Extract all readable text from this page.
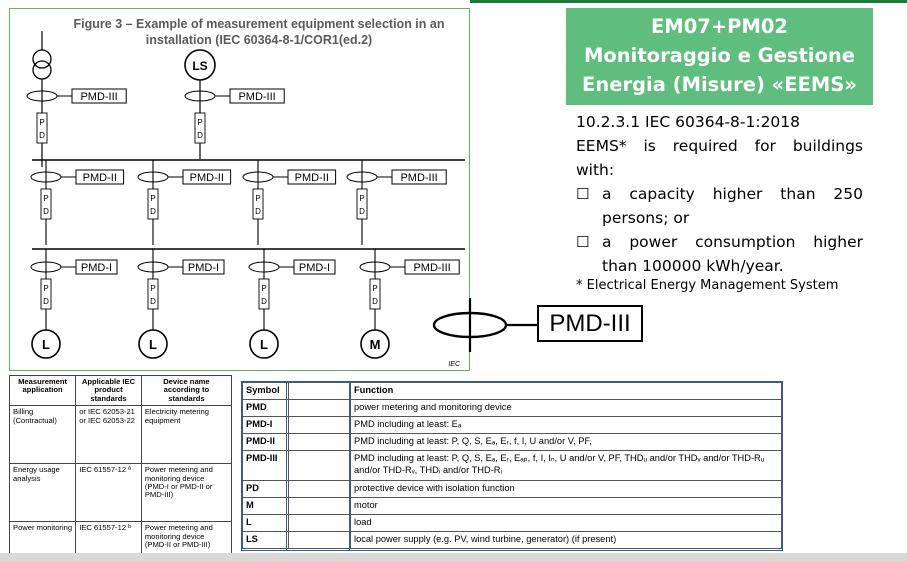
Figure 3 – Example of measurement equipment selection in an
installation (IEC 60364-8-1/COR1(ed.2)
LS
PMD-III	PMD-III
P
D
P
D
PMD-II
P
D
PMD-II
P
D
PMD-II
P
D
PMD-III
P
D
PMD-I
P
D
L
PMD-I
P
D
L
PMD-I
P
D
L
PMD-III
P
D
M
IEC
EM07+PM02
Monitoraggio e Gestione
Energia (Misure) «EEMS»
10.2.3.1 IEC 60364-8-1:2018
EEMS* is required for buildings
with:
☐ a capacity higher than 250
persons; or
☐ a power consumption higher
than 100000 kWh/year.
* Electrical Energy Management System
PMD-III
Measurement application	Applicable IEC product standards	Device name according to standards
Billing (Contractual)	or IEC 62053-21 or IEC 62053-22	Electricity metering equipment
Energy usage analysis	IEC 61557-12 ª	Power metering and monitoring device (PMD-I or PMD-II or PMD-III)
Power monitoring	IEC 61557-12 ᵇ	Power metering and monitoring device (PMD-II or PMD-III)
Symbol		Function
PMD		power metering and monitoring device
PMD-I		PMD including at least: Eₐ
PMD-II		PMD including at least: P, Q, S, Eₐ, Eᵣ, f, I, U and/or V, PF,
PMD-III		PMD including at least: P, Q, S, Eₐ, Eᵣ, Eₐₚ, f, I, Iₙ, U and/or V, PF, THDᵤ and/or THDᵥ and/or THD-Rᵤ and/or THD-Rᵥ, THDᵢ and/or THD-Rᵢ
PD		protective device with isolation function
M		motor
L		load
LS		local power supply (e.g. PV, wind turbine, generator) (if present)
